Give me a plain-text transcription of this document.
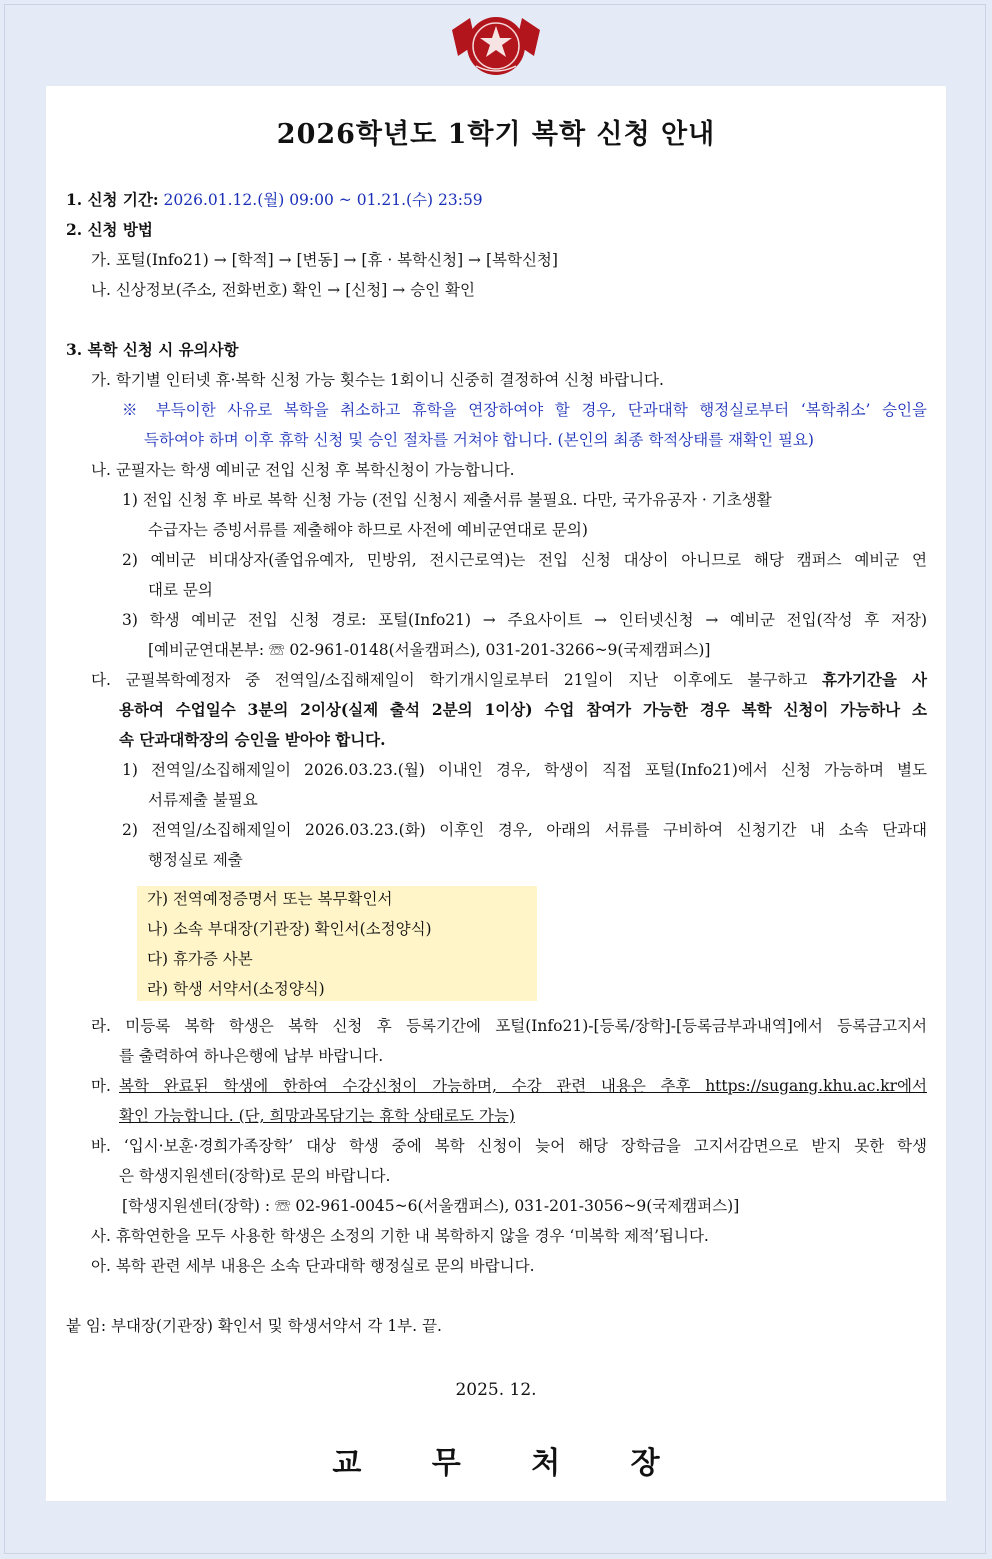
2026학년도 1학기 복학 신청 안내
1. 신청 기간: 2026.01.12.(월) 09:00 ~ 01.21.(수) 23:59
2. 신청 방법
가. 포털(Info21) → [학적] → [변동] → [휴 · 복학신청] → [복학신청]
나. 신상정보(주소, 전화번호) 확인 → [신청] → 승인 확인
3. 복학 신청 시 유의사항
가. 학기별 인터넷 휴·복학 신청 가능 횟수는 1회이니 신중히 결정하여 신청 바랍니다.
※ 부득이한 사유로 복학을 취소하고 휴학을 연장하여야 할 경우, 단과대학 행정실로부터 ‘복학취소’ 승인을
득하여야 하며 이후 휴학 신청 및 승인 절차를 거쳐야 합니다. (본인의 최종 학적상태를 재확인 필요)
나. 군필자는 학생 예비군 전입 신청 후 복학신청이 가능합니다.
1) 전입 신청 후 바로 복학 신청 가능 (전입 신청시 제출서류 불필요. 다만, 국가유공자 · 기초생활
수급자는 증빙서류를 제출해야 하므로 사전에 예비군연대로 문의)
2) 예비군 비대상자(졸업유예자, 민방위, 전시근로역)는 전입 신청 대상이 아니므로 해당 캠퍼스 예비군 연
대로 문의
3) 학생 예비군 전입 신청 경로: 포털(Info21) → 주요사이트 → 인터넷신청 → 예비군 전입(작성 후 저장)
[예비군연대본부: ☏ 02-961-0148(서울캠퍼스), 031-201-3266~9(국제캠퍼스)]
다. 군필복학예정자 중 전역일/소집해제일이 학기개시일로부터 21일이 지난 이후에도 불구하고 휴가기간을 사
용하여 수업일수 3분의 2이상(실제 출석 2분의 1이상) 수업 참여가 가능한 경우 복학 신청이 가능하나 소
속 단과대학장의 승인을 받아야 합니다.
1) 전역일/소집해제일이 2026.03.23.(월) 이내인 경우, 학생이 직접 포털(Info21)에서 신청 가능하며 별도
서류제출 불필요
2) 전역일/소집해제일이 2026.03.23.(화) 이후인 경우, 아래의 서류를 구비하여 신청기간 내 소속 단과대
행정실로 제출
가) 전역예정증명서 또는 복무확인서
나) 소속 부대장(기관장) 확인서(소정양식)
다) 휴가증 사본
라) 학생 서약서(소정양식)
라. 미등록 복학 학생은 복학 신청 후 등록기간에 포털(Info21)-[등록/장학]-[등록금부과내역]에서 등록금고지서
를 출력하여 하나은행에 납부 바랍니다.
마. 복학 완료된 학생에 한하여 수강신청이 가능하며, 수강 관련 내용은 추후 https://sugang.khu.ac.kr에서
확인 가능합니다. (단, 희망과목담기는 휴학 상태로도 가능)
바. ‘입시·보훈·경희가족장학’ 대상 학생 중에 복학 신청이 늦어 해당 장학금을 고지서감면으로 받지 못한 학생
은 학생지원센터(장학)로 문의 바랍니다.
[학생지원센터(장학) : ☏ 02-961-0045~6(서울캠퍼스), 031-201-3056~9(국제캠퍼스)]
사. 휴학연한을 모두 사용한 학생은 소정의 기한 내 복학하지 않을 경우 ‘미복학 제적’됩니다.
아. 복학 관련 세부 내용은 소속 단과대학 행정실로 문의 바랍니다.
붙 임: 부대장(기관장) 확인서 및 학생서약서 각 1부. 끝.
2025. 12.
교 무 처 장
